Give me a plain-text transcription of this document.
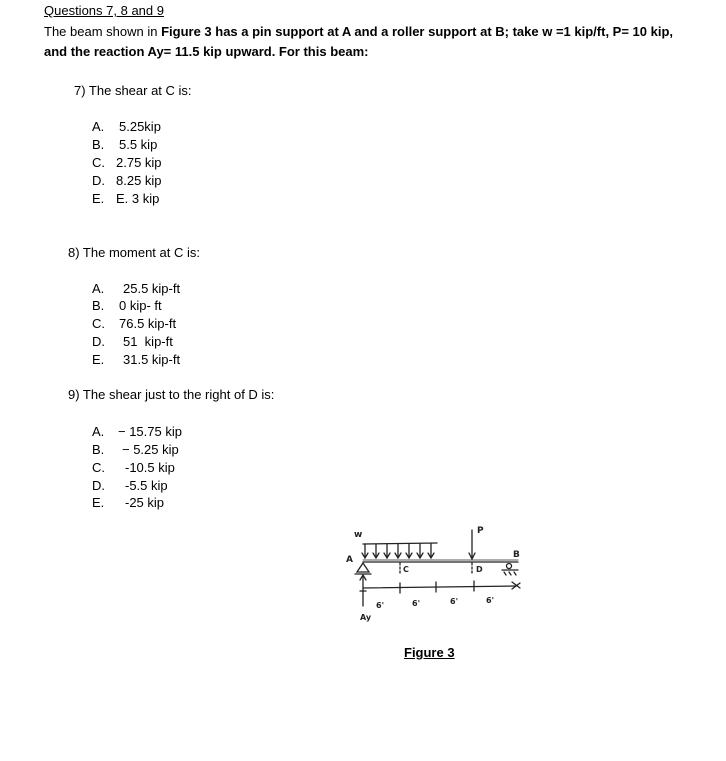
Questions 7, 8 and 9
The beam shown in Figure 3 has a pin support at A and a roller support at B; take w =1 kip/ft, P= 10 kip, and the reaction Ay= 11.5 kip upward. For this beam:
7) The shear at C is:
A. 5.25kip
B. 5.5 kip
C. 2.75 kip
D. 8.25 kip
E. E. 3 kip
8) The moment at C is:
A. 25.5 kip-ft
B. 0 kip- ft
C. 76.5 kip-ft
D. 51  kip-ft
E. 31.5 kip-ft
9) The shear just to the right of D is:
A. − 15.75 kip
B. − 5.25 kip
C. -10.5 kip
D. -5.5 kip
E. -25 kip
w	P
A	B
C	D
Ay
6'	6'	6'	6'
Figure 3
